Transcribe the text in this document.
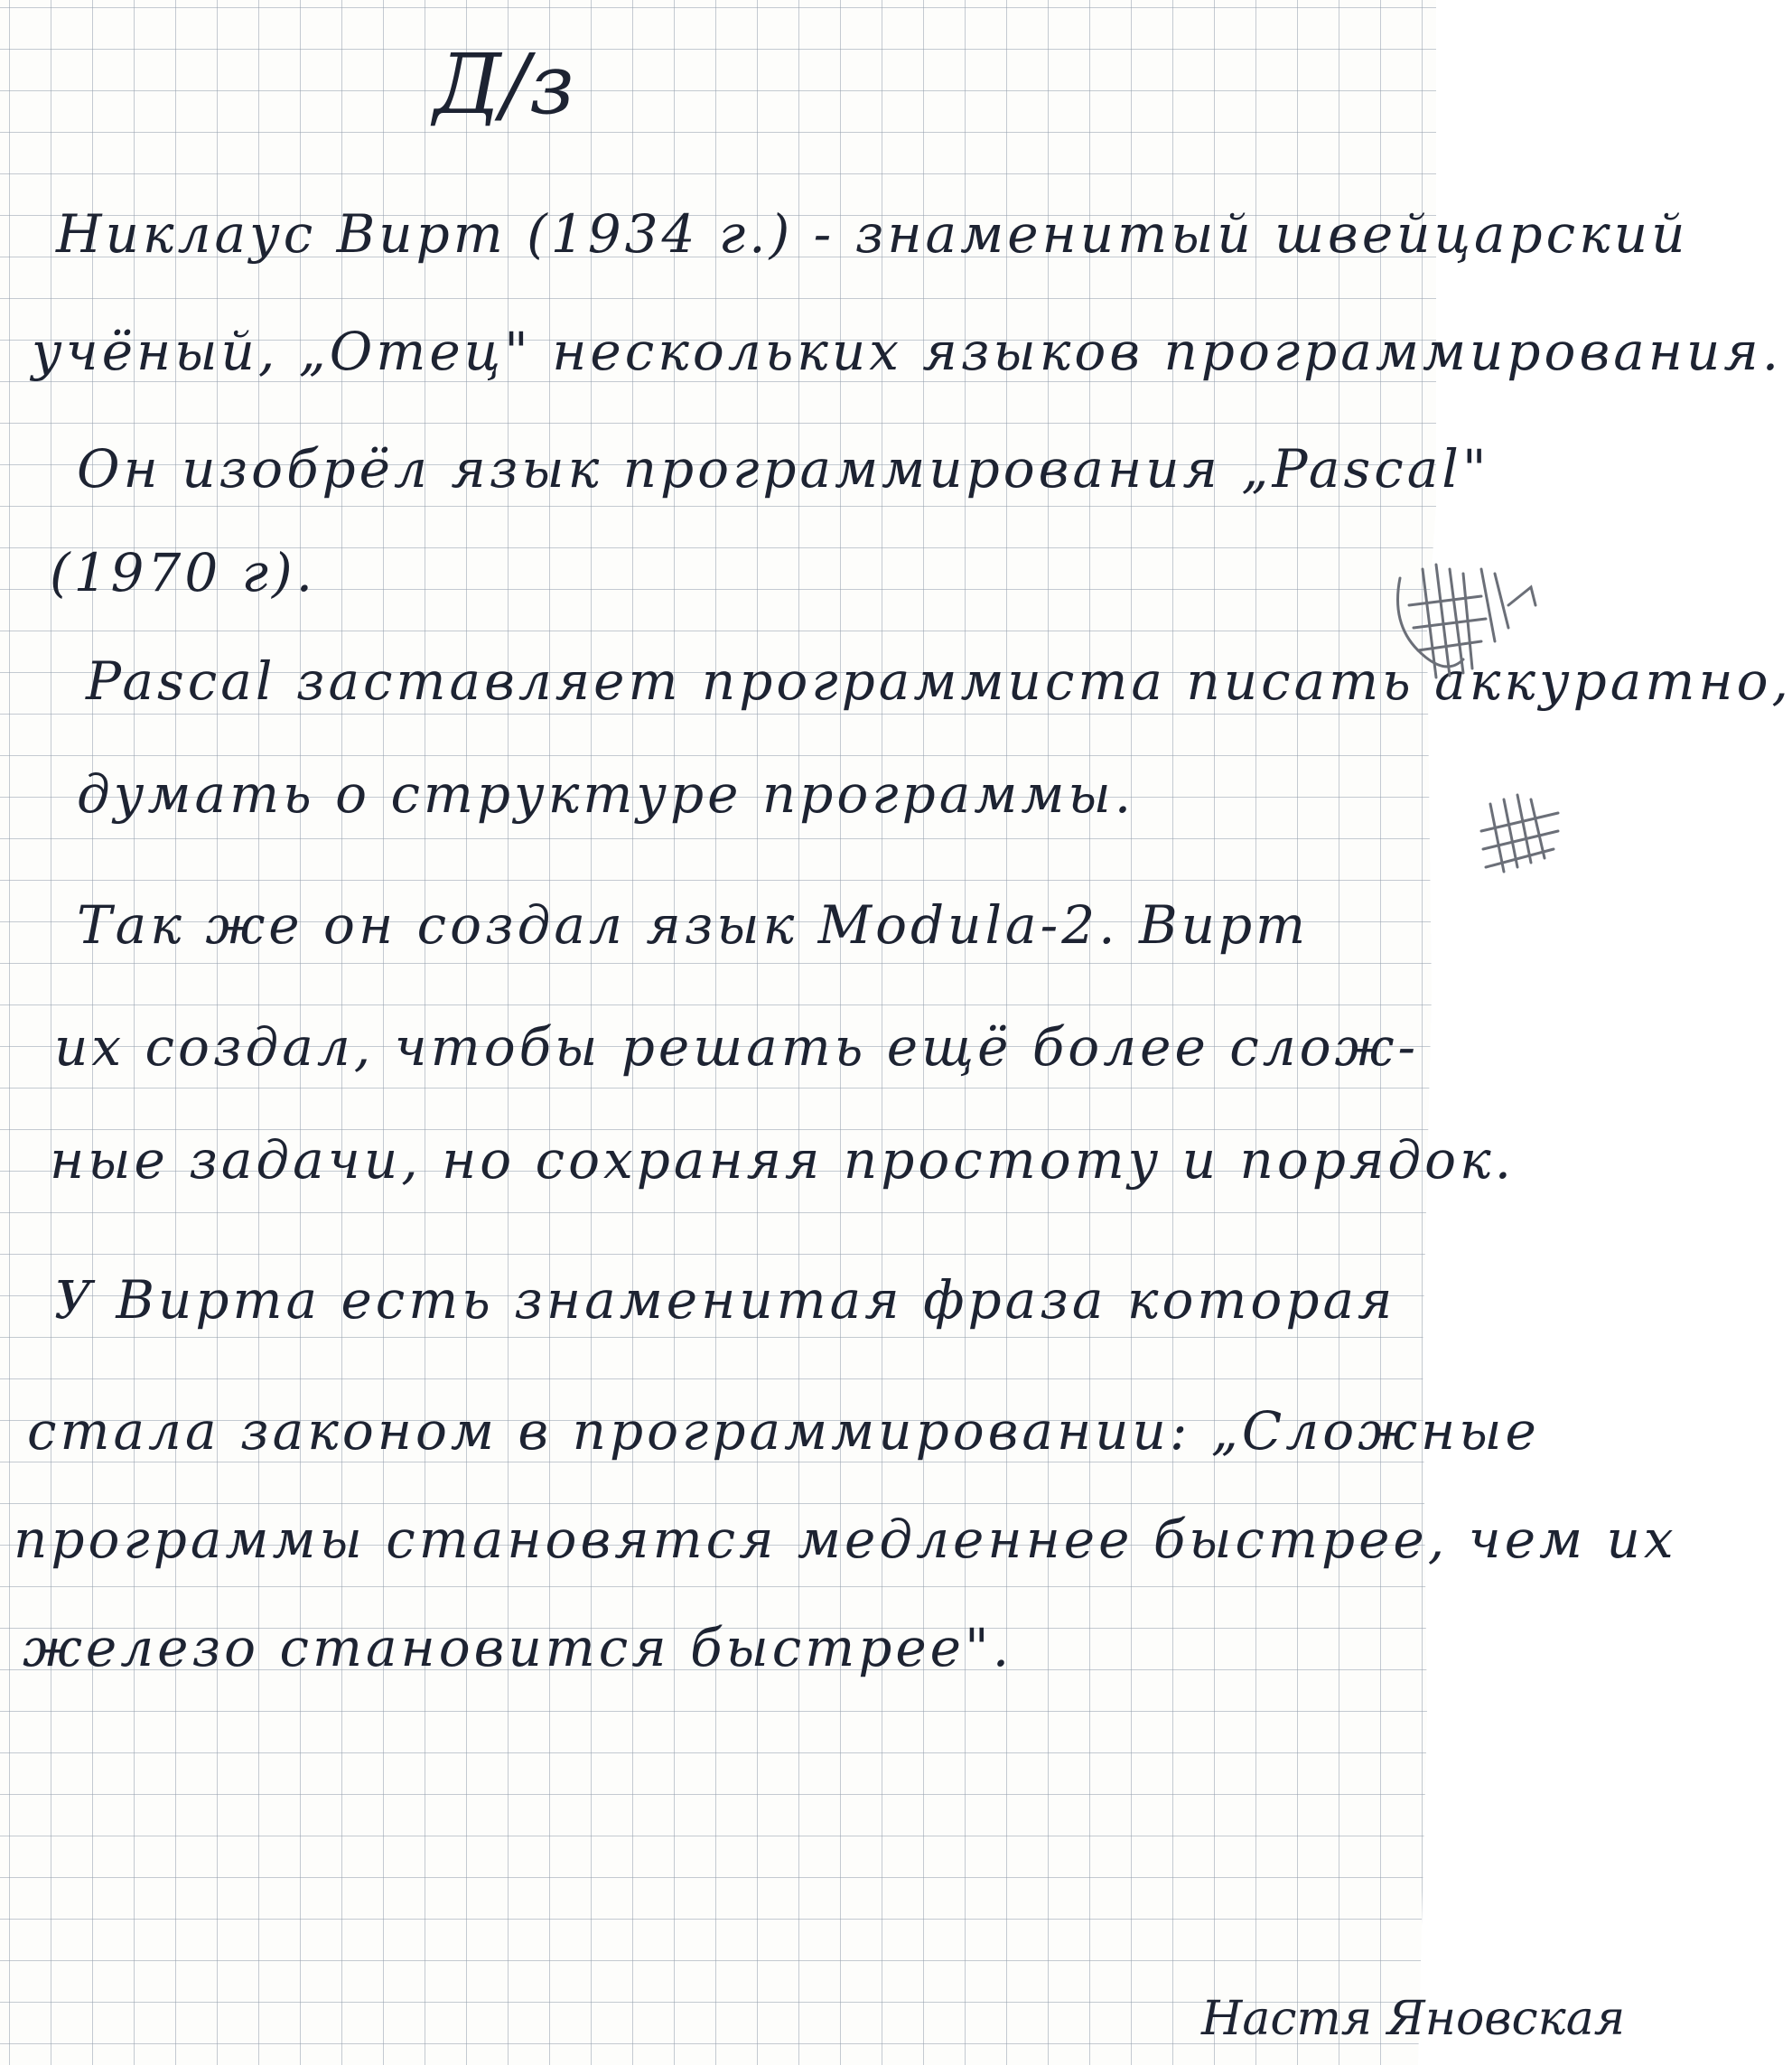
Д/з
Никлаус Вирт (1934 г.) - знаменитый швейцарский
учёный, „Отец" нескольких языков программирования.
Он изобрёл язык программирования „Pascal"
(1970 г).
Pascal заставляет программиста писать аккуратно,
думать о структуре программы.
Так же он создал язык Modula-2. Вирт
их создал, чтобы решать ещё более слож-
ные задачи, но сохраняя простоту и порядок.
У Вирта есть знаменитая фраза которая
стала законом в программировании: „Сложные
программы становятся медленнее быстрее, чем их
железо становится быстрее".
Настя Яновская
